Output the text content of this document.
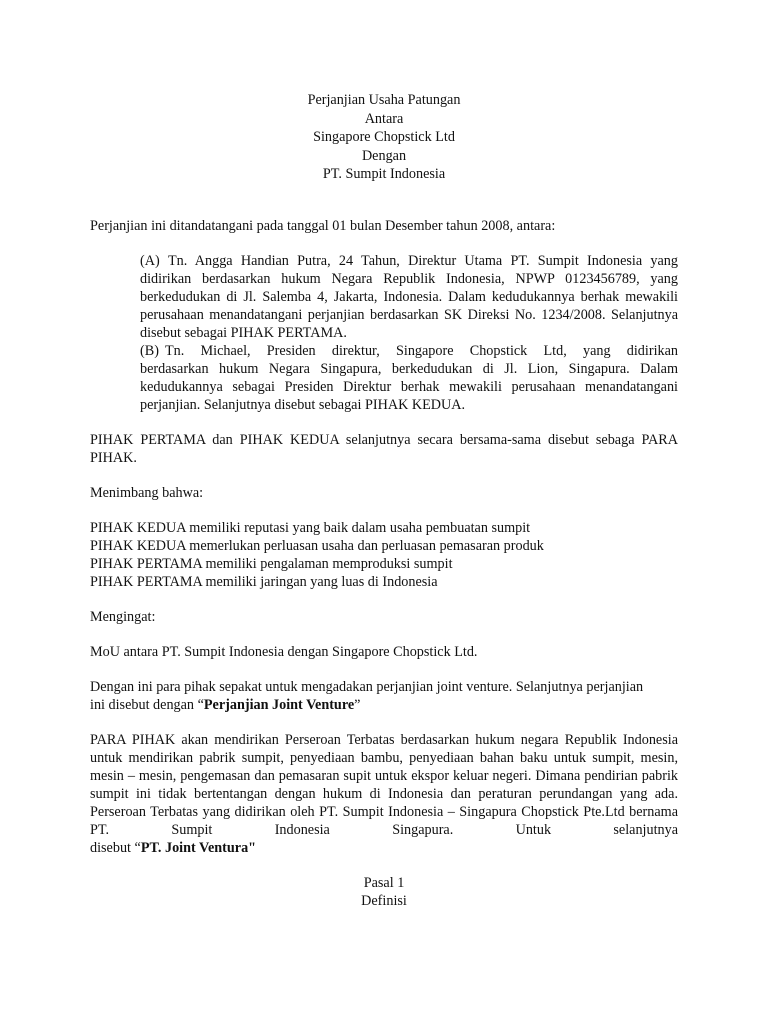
Perjanjian Usaha Patungan
Antara
Singapore Chopstick Ltd
Dengan
PT. Sumpit Indonesia

Perjanjian ini ditandatangani pada tanggal 01 bulan Desember tahun 2008, antara:

(A) Tn. Angga Handian Putra, 24 Tahun, Direktur Utama PT. Sumpit Indonesia yang
didirikan berdasarkan hukum Negara Republik Indonesia, NPWP 0123456789, yang berkedudukan di Jl. Salemba 4, Jakarta, Indonesia. Dalam kedudukannya berhak mewakili perusahaan menandatangani perjanjian berdasarkan SK Direksi No. 1234/2008. Selanjutnya disebut sebagai PIHAK PERTAMA.
(B) Tn. Michael, Presiden direktur, Singapore Chopstick Ltd, yang didirikan
berdasarkan hukum Negara Singapura, berkedudukan di Jl. Lion, Singapura. Dalam kedudukannya sebagai Presiden Direktur berhak mewakili perusahaan menandatangani perjanjian. Selanjutnya disebut sebagai PIHAK KEDUA.

PIHAK PERTAMA dan PIHAK KEDUA selanjutnya secara bersama-sama disebut sebaga PARA PIHAK.

Menimbang bahwa:

PIHAK KEDUA memiliki reputasi yang baik dalam usaha pembuatan sumpit
PIHAK KEDUA memerlukan perluasan usaha dan perluasan pemasaran produk
PIHAK PERTAMA memiliki pengalaman memproduksi sumpit
PIHAK PERTAMA memiliki jaringan yang luas di Indonesia

Mengingat:

MoU antara PT. Sumpit Indonesia dengan Singapore Chopstick Ltd.

Dengan ini para pihak sepakat untuk mengadakan perjanjian joint venture. Selanjutnya perjanjian
ini disebut dengan “Perjanjian Joint Venture”
PARA PIHAK akan mendirikan Perseroan Terbatas berdasarkan hukum negara Republik Indonesia untuk mendirikan pabrik sumpit, penyediaan bambu, penyediaan bahan baku untuk sumpit, mesin, mesin – mesin, pengemasan dan pemasaran supit untuk ekspor keluar negeri. Dimana pendirian pabrik sumpit ini tidak bertentangan dengan hukum di Indonesia dan peraturan perundangan yang ada. Perseroan Terbatas yang didirikan oleh PT. Sumpit Indonesia – Singapura Chopstick Pte.Ltd bernama PT. Sumpit Indonesia Singapura. Untuk selanjutnya
disebut “PT. Joint Ventura"
Pasal 1
Definisi
